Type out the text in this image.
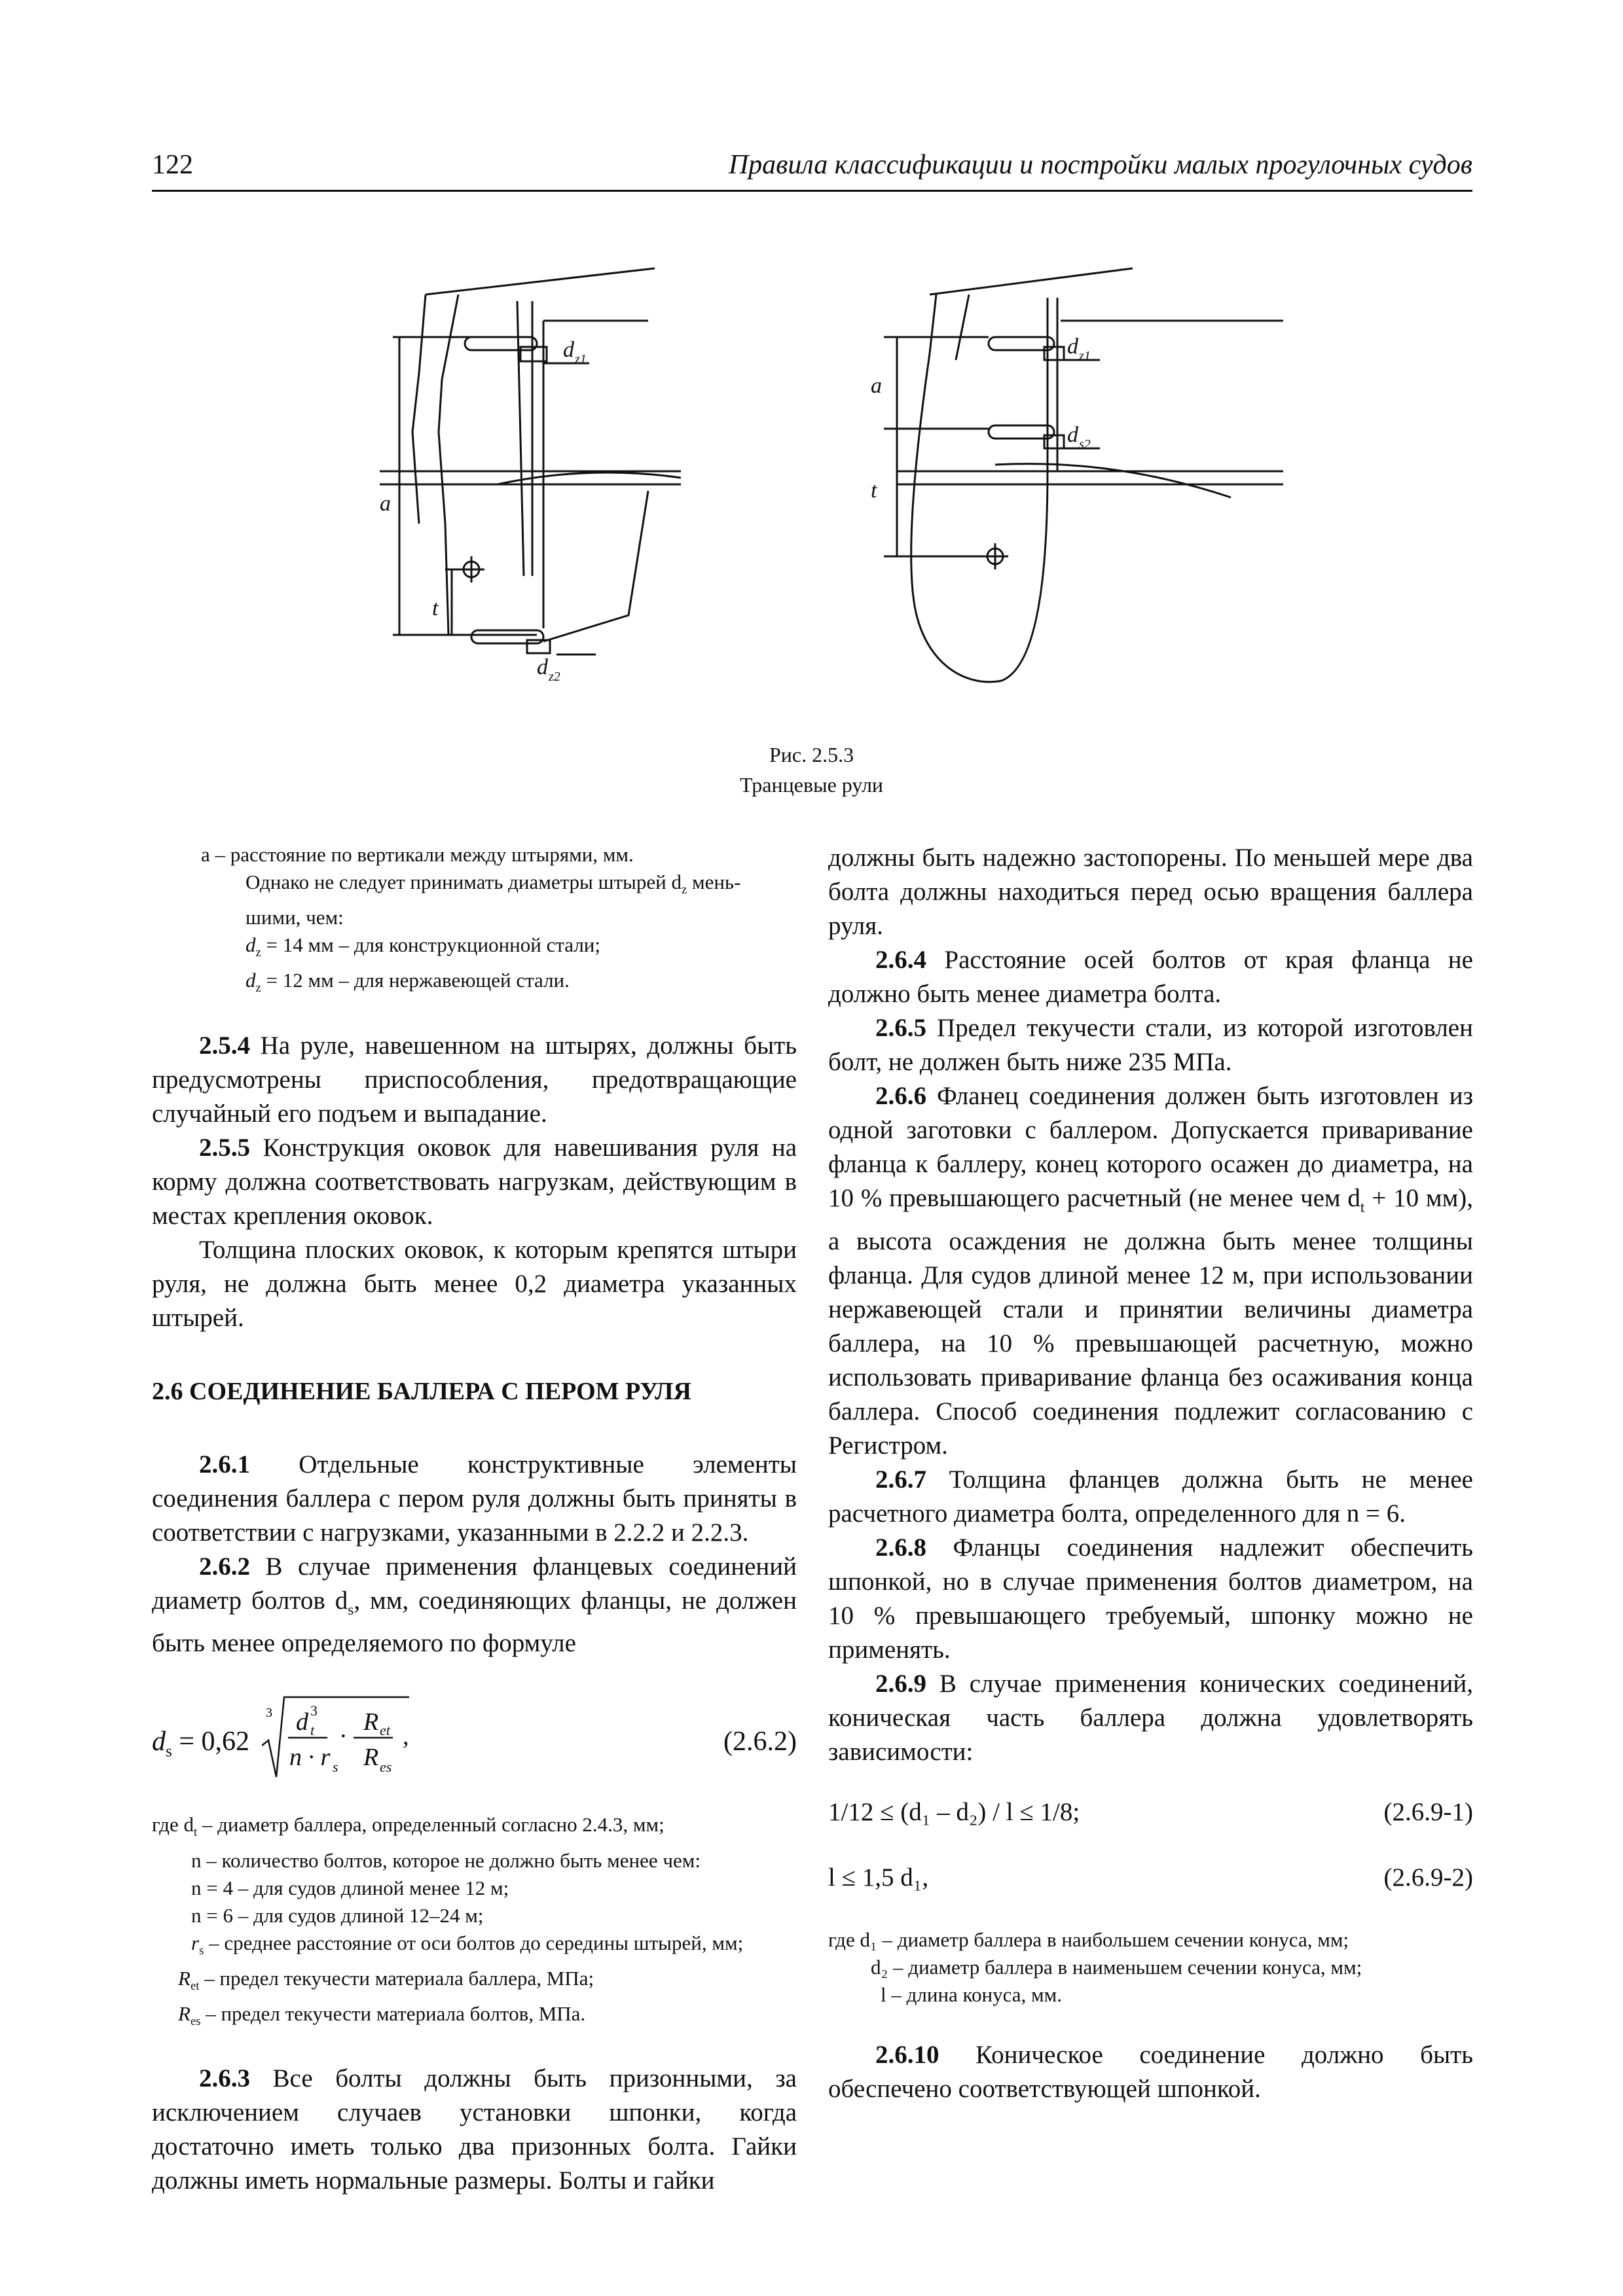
122	Правила классификации и постройки малых прогулочных судов
a
t
d z1
d z2
a
t
d z1
d s2
Рис. 2.5.3
Транцевые рули

a – расстояние по вертикали между штырями, мм.

Однако не следует принимать диаметры штырей $d_z$ мень-

шими, чем:

$d_z = 14$ мм – для конструкционной стали;

$d_z = 12$ мм – для нержавеющей стали.

2.5.4 На руле, навешенном на штырях, должны быть предусмотрены приспособления, предотвращающие случайный его подъем и выпадание.

2.5.5 Конструкция оковок для навешивания руля на корму должна соответствовать нагрузкам, действующим в местах крепления оковок.

Толщина плоских оковок, к которым крепятся штыри руля, не должна быть менее 0,2 диаметра указанных штырей.

2.6 СОЕДИНЕНИЕ БАЛЛЕРА С ПЕРОМ РУЛЯ

2.6.1 Отдельные конструктивные элементы соединения баллера с пером руля должны быть приняты в соответствии с нагрузками, указанными в 2.2.2 и 2.2.3.

2.6.2 В случае применения фланцевых соединений диаметр болтов $d_s$, мм, соединяющих фланцы, не должен быть менее определяемого по формуле

$d_s = 0,62$
3 d 3
t
n · r s
·
R et
R es
,	(2.6.2)

где $d_t$ – диаметр баллера, определенный согласно 2.4.3, мм;

n – количество болтов, которое не должно быть менее чем:

n = 4 – для судов длиной менее 12 м;

n = 6 – для судов длиной 12–24 м;

$r_s$ – среднее расстояние от оси болтов до середины штырей, мм;

$R_{et}$ – предел текучести материала баллера, МПа;

$R_{es}$ – предел текучести материала болтов, МПа.

2.6.3 Все болты должны быть призонными, за исключением случаев установки шпонки, когда достаточно иметь только два призонных болта. Гайки должны иметь нормальные размеры. Болты и гайки

должны быть надежно застопорены. По меньшей мере два болта должны находиться перед осью вращения баллера руля.

2.6.4 Расстояние осей болтов от края фланца не должно быть менее диаметра болта.

2.6.5 Предел текучести стали, из которой изготовлен болт, не должен быть ниже 235 МПа.

2.6.6 Фланец соединения должен быть изготовлен из одной заготовки с баллером. Допускается приваривание фланца к баллеру, конец которого осажен до диаметра, на 10 % превышающего расчетный (не менее чем $d_t + 10$ мм), а высота осаждения не должна быть менее толщины фланца. Для судов длиной менее 12 м, при использовании нержавеющей стали и принятии величины диаметра баллера, на 10 % превышающей расчетную, можно использовать приваривание фланца без осаживания конца баллера. Способ соединения подлежит согласованию с Регистром.

2.6.7 Толщина фланцев должна быть не менее расчетного диаметра болта, определенного для n = 6.

2.6.8 Фланцы соединения надлежит обеспечить шпонкой, но в случае применения болтов диаметром, на 10 % превышающего требуемый, шпонку можно не применять.

2.6.9 В случае применения конических соединений, коническая часть баллера должна удовлетворять зависимости:

1/12 ≤ (d₁ – d₂) / l ≤ 1/8;	(2.6.9-1)
l ≤ 1,5 d₁,	(2.6.9-2)

где d₁ – диаметр баллера в наибольшем сечении конуса, мм;

d₂ – диаметр баллера в наименьшем сечении конуса, мм;

l – длина конуса, мм.

2.6.10 Коническое соединение должно быть обеспечено соответствующей шпонкой.
